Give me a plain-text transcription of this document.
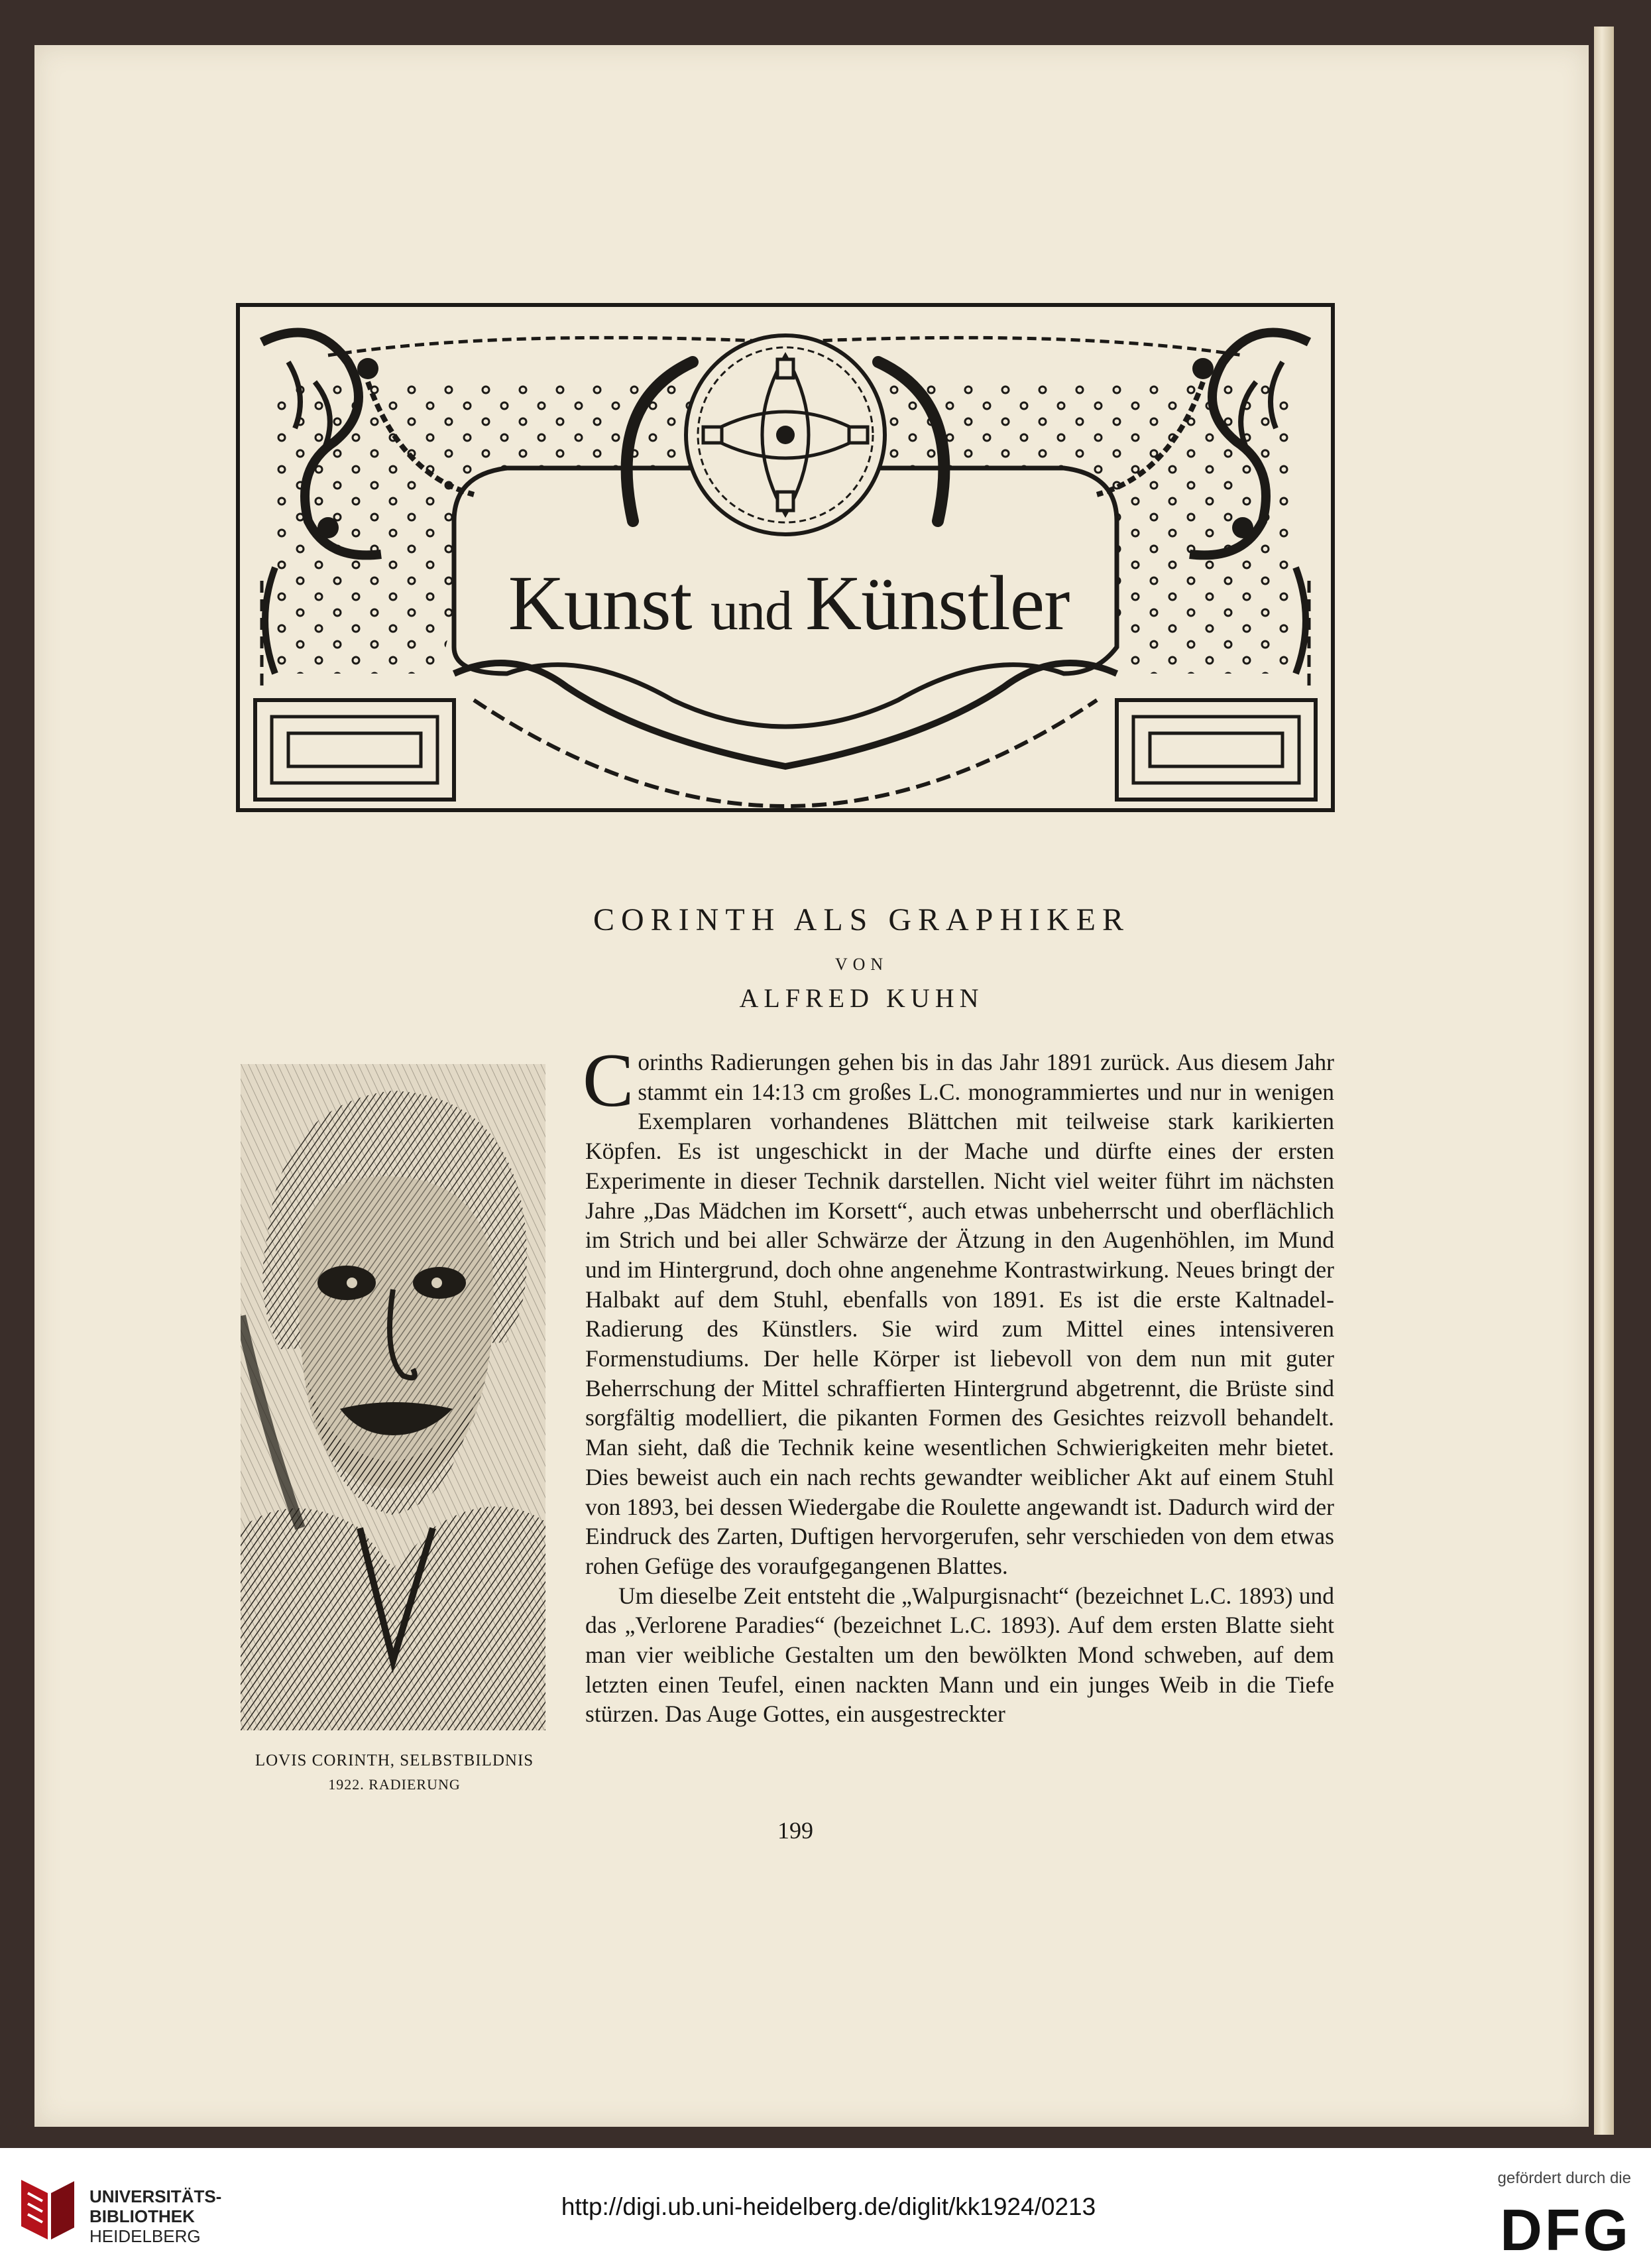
Kunst und Künstler
CORINTH ALS GRAPHIKER
VON
ALFRED KUHN
LOVIS CORINTH, SELBSTBILDNIS
1922. RADIERUNG

Corinths Radierungen gehen bis in das Jahr 1891 zurück. Aus diesem Jahr stammt ein 14:13 cm großes L.C. monogrammiertes und nur in wenigen Exemplaren vorhandenes Blättchen mit teilweise stark karikierten Köpfen. Es ist ungeschickt in der Mache und dürfte eines der ersten Experimente in dieser Technik darstellen. Nicht viel weiter führt im nächsten Jahre „Das Mädchen im Korsett“, auch etwas unbeherrscht und oberflächlich im Strich und bei aller Schwärze der Ätzung in den Augenhöhlen, im Mund und im Hintergrund, doch ohne angenehme Kontrastwirkung. Neues bringt der Halbakt auf dem Stuhl, ebenfalls von 1891. Es ist die erste Kaltnadel-Radierung des Künstlers. Sie wird zum Mittel eines intensiveren Formenstudiums. Der helle Körper ist liebevoll von dem nun mit guter Beherrschung der Mittel schraffierten Hintergrund abgetrennt, die Brüste sind sorgfältig modelliert, die pikanten Formen des Gesichtes reizvoll behandelt. Man sieht, daß die Technik keine wesentlichen Schwierigkeiten mehr bietet. Dies beweist auch ein nach rechts gewandter weiblicher Akt auf einem Stuhl von 1893, bei dessen Wiedergabe die Roulette angewandt ist. Dadurch wird der Eindruck des Zarten, Duftigen hervorgerufen, sehr verschieden von dem etwas rohen Gefüge des voraufgegangenen Blattes.

Um dieselbe Zeit entsteht die „Walpurgisnacht“ (bezeichnet L.C. 1893) und das „Verlorene Paradies“ (bezeichnet L.C. 1893). Auf dem ersten Blatte sieht man vier weibliche Gestalten um den bewölkten Mond schweben, auf dem letzten einen Teufel, einen nackten Mann und ein junges Weib in die Tiefe stürzen. Das Auge Gottes, ein ausgestreckter

199
UNIVERSITÄTS-
BIBLIOTHEK
HEIDELBERG
http://digi.ub.uni-heidelberg.de/diglit/kk1924/0213
gefördert durch die
DFG
